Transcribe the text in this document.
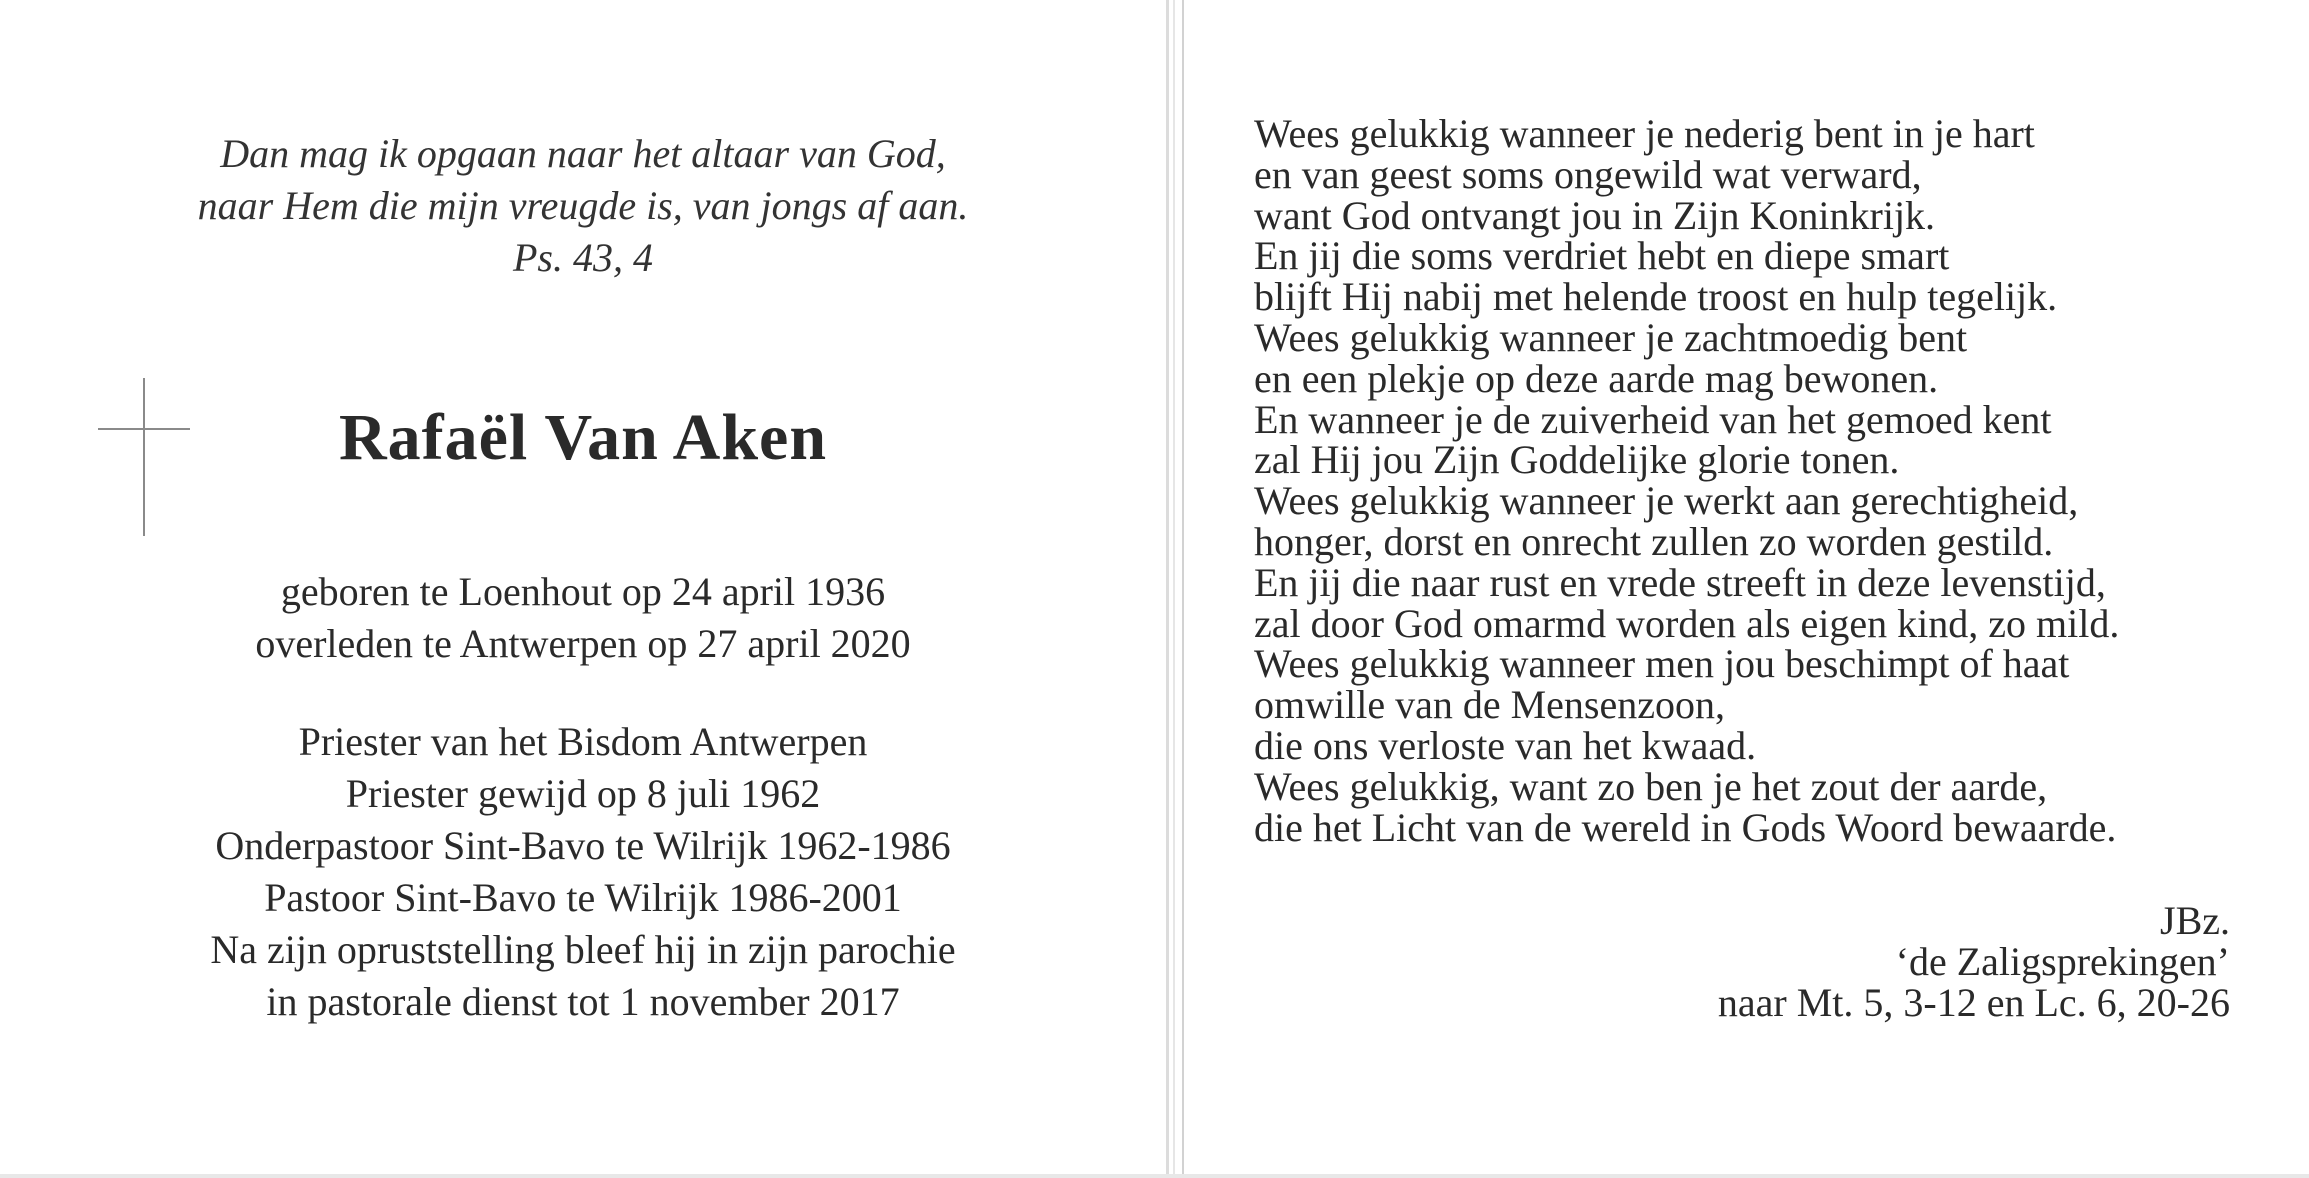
Dan mag ik opgaan naar het altaar van God,
naar Hem die mijn vreugde is, van jongs af aan.
Ps. 43, 4
Rafaël Van Aken
geboren te Loenhout op 24 april 1936
overleden te Antwerpen op 27 april 2020
Priester van het Bisdom Antwerpen
Priester gewijd op 8 juli 1962
Onderpastoor Sint-Bavo te Wilrijk 1962-1986
Pastoor Sint-Bavo te Wilrijk 1986-2001
Na zijn opruststelling bleef hij in zijn parochie
in pastorale dienst tot 1 november 2017
Wees gelukkig wanneer je nederig bent in je hart
en van geest soms ongewild wat verward,
want God ontvangt jou in Zijn Koninkrijk.
En jij die soms verdriet hebt en diepe smart
blijft Hij nabij met helende troost en hulp tegelijk.
Wees gelukkig wanneer je zachtmoedig bent
en een plekje op deze aarde mag bewonen.
En wanneer je de zuiverheid van het gemoed kent
zal Hij jou Zijn Goddelijke glorie tonen.
Wees gelukkig wanneer je werkt aan gerechtigheid,
honger, dorst en onrecht zullen zo worden gestild.
En jij die naar rust en vrede streeft in deze levenstijd,
zal door God omarmd worden als eigen kind, zo mild.
Wees gelukkig wanneer men jou beschimpt of haat
omwille van de Mensenzoon,
die ons verloste van het kwaad.
Wees gelukkig, want zo ben je het zout der aarde,
die het Licht van de wereld in Gods Woord bewaarde.
JBz.
‘de Zaligsprekingen’
naar Mt. 5, 3-12 en Lc. 6, 20-26
